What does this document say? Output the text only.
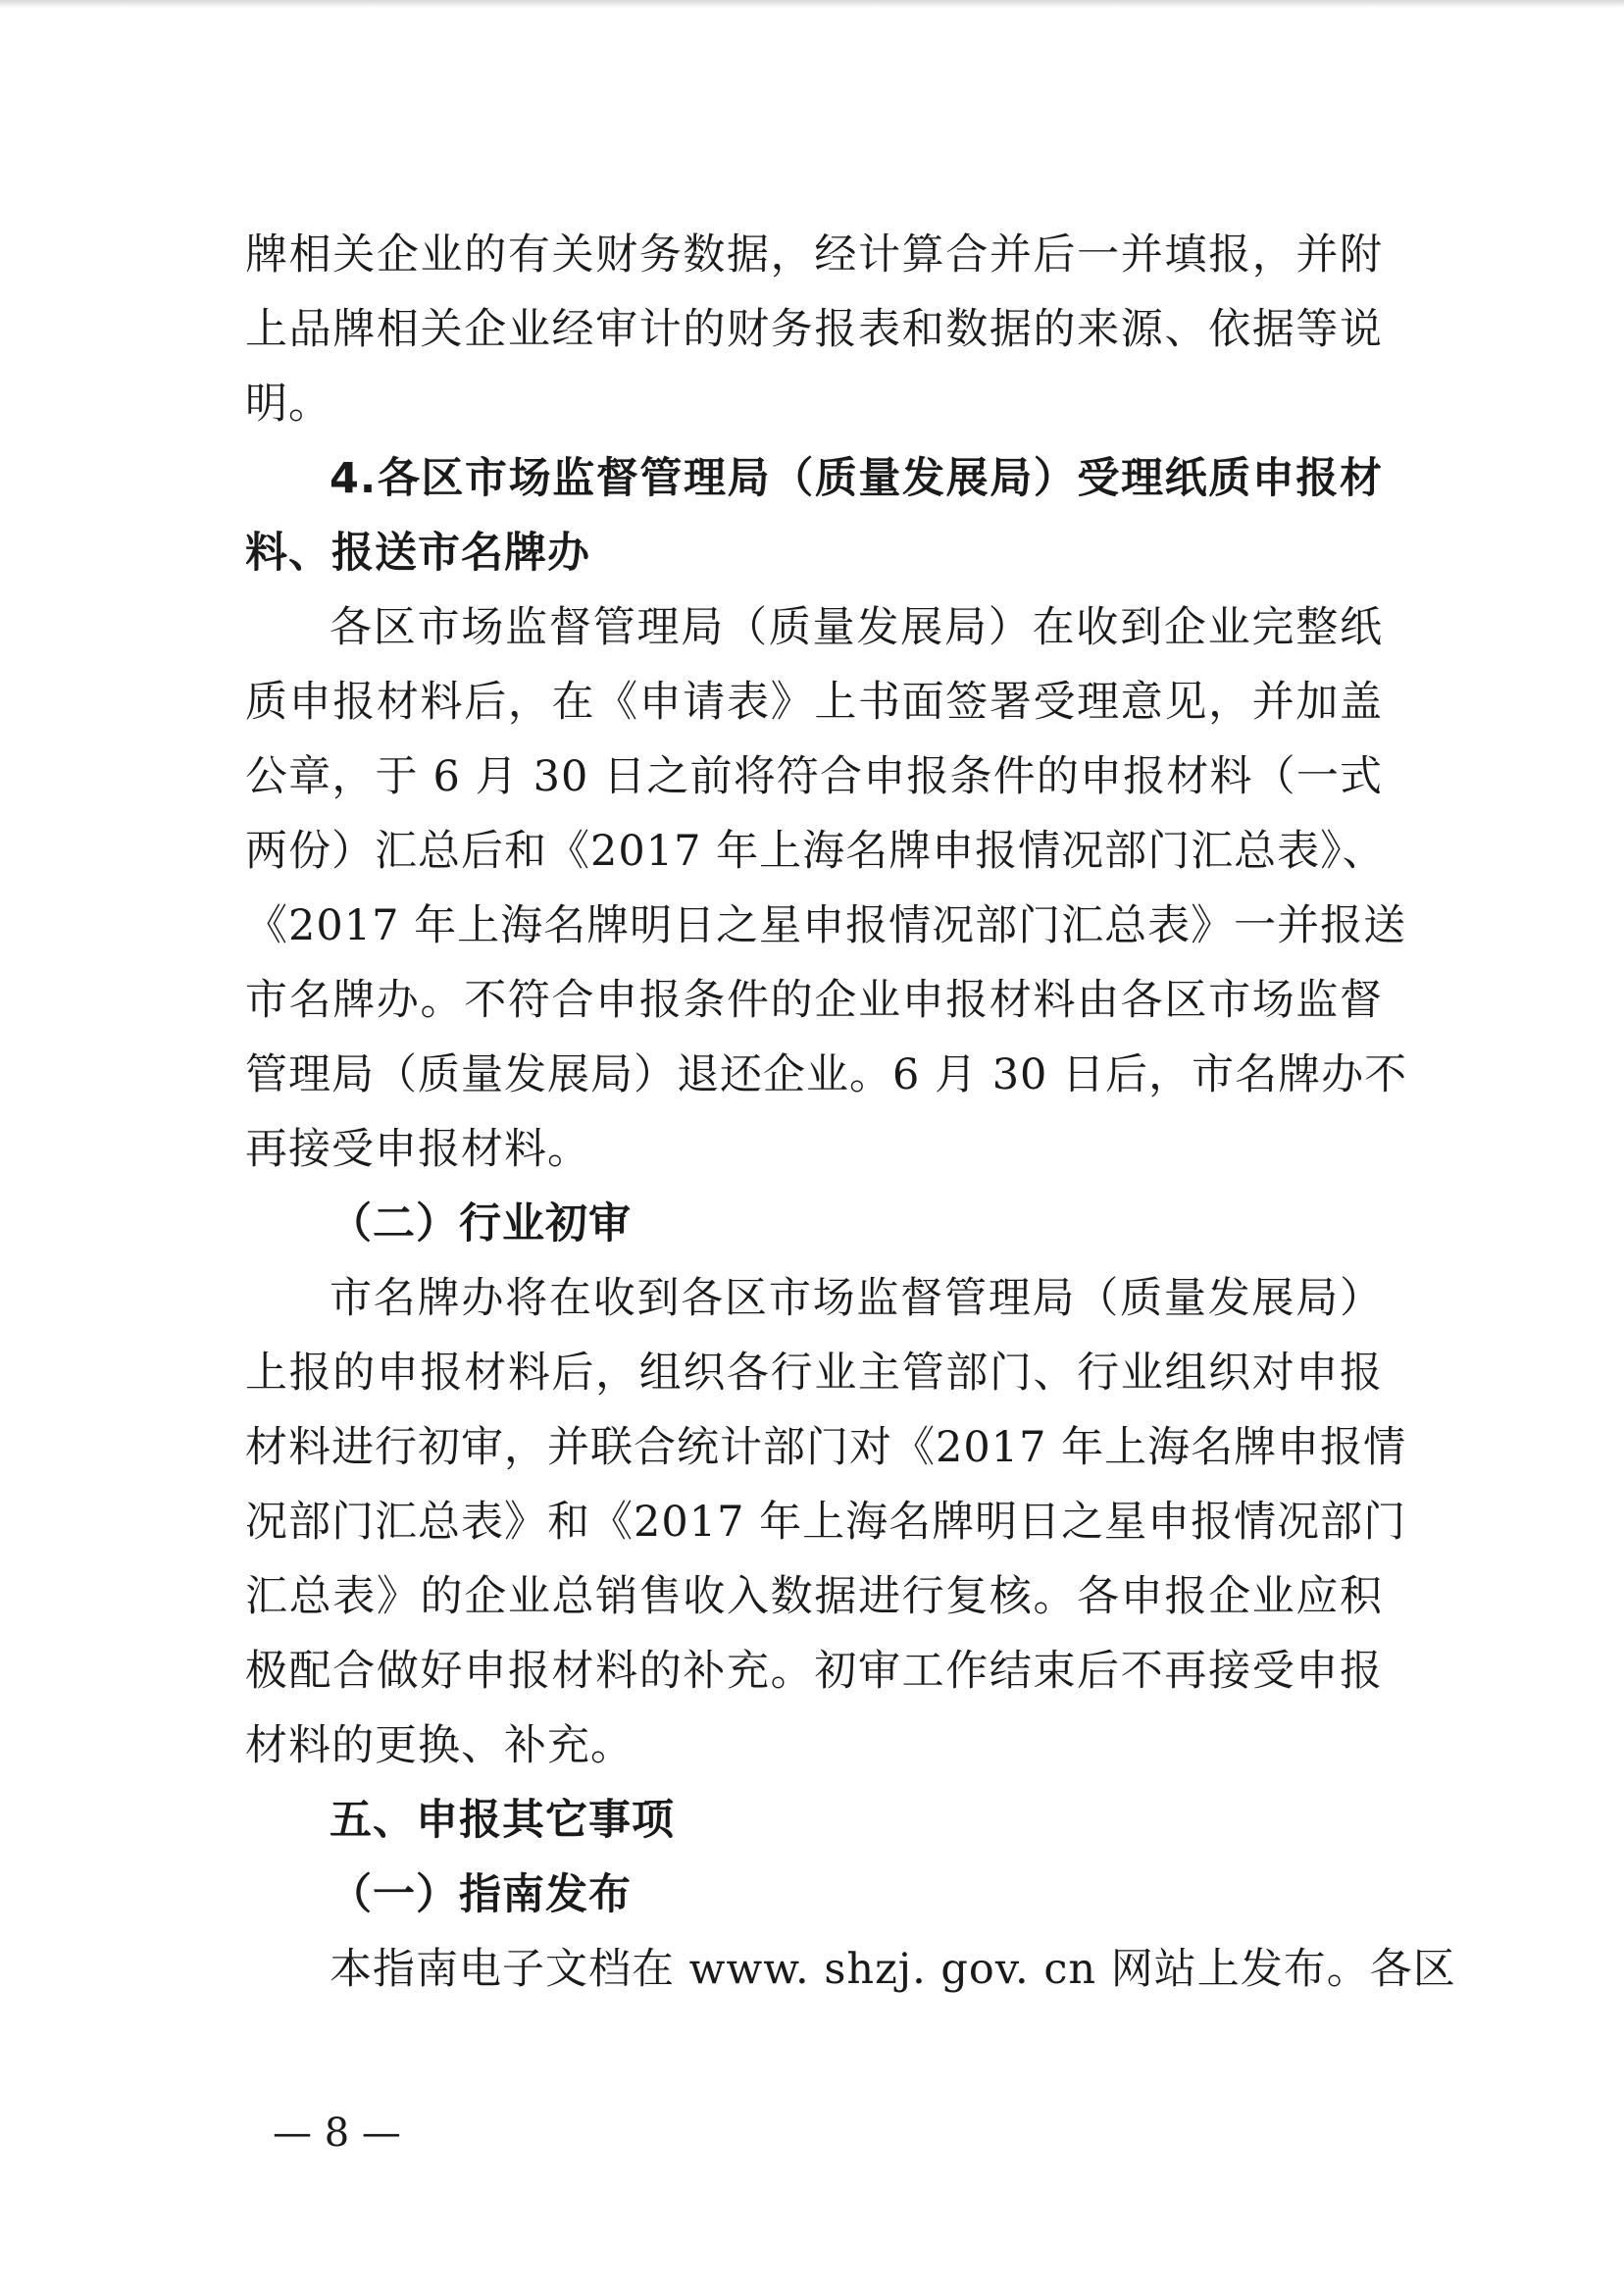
牌相关企业的有关财务数据，经计算合并后一并填报，并附
上品牌相关企业经审计的财务报表和数据的来源、依据等说
明。
4.各区市场监督管理局（质量发展局）受理纸质申报材
料、报送市名牌办
各区市场监督管理局（质量发展局）在收到企业完整纸
质申报材料后，在《申请表》上书面签署受理意见，并加盖
公章，于 6 月 30 日之前将符合申报条件的申报材料（一式
两份）汇总后和《2017 年上海名牌申报情况部门汇总表》、
《2017 年上海名牌明日之星申报情况部门汇总表》一并报送
市名牌办。不符合申报条件的企业申报材料由各区市场监督
管理局（质量发展局）退还企业。6 月 30 日后，市名牌办不
再接受申报材料。
（二）行业初审
市名牌办将在收到各区市场监督管理局（质量发展局）
上报的申报材料后，组织各行业主管部门、行业组织对申报
材料进行初审，并联合统计部门对《2017 年上海名牌申报情
况部门汇总表》和《2017 年上海名牌明日之星申报情况部门
汇总表》的企业总销售收入数据进行复核。各申报企业应积
极配合做好申报材料的补充。初审工作结束后不再接受申报
材料的更换、补充。
五、申报其它事项
（一）指南发布
本指南电子文档在 www. shzj. gov. cn 网站上发布。各区
— 8 —
